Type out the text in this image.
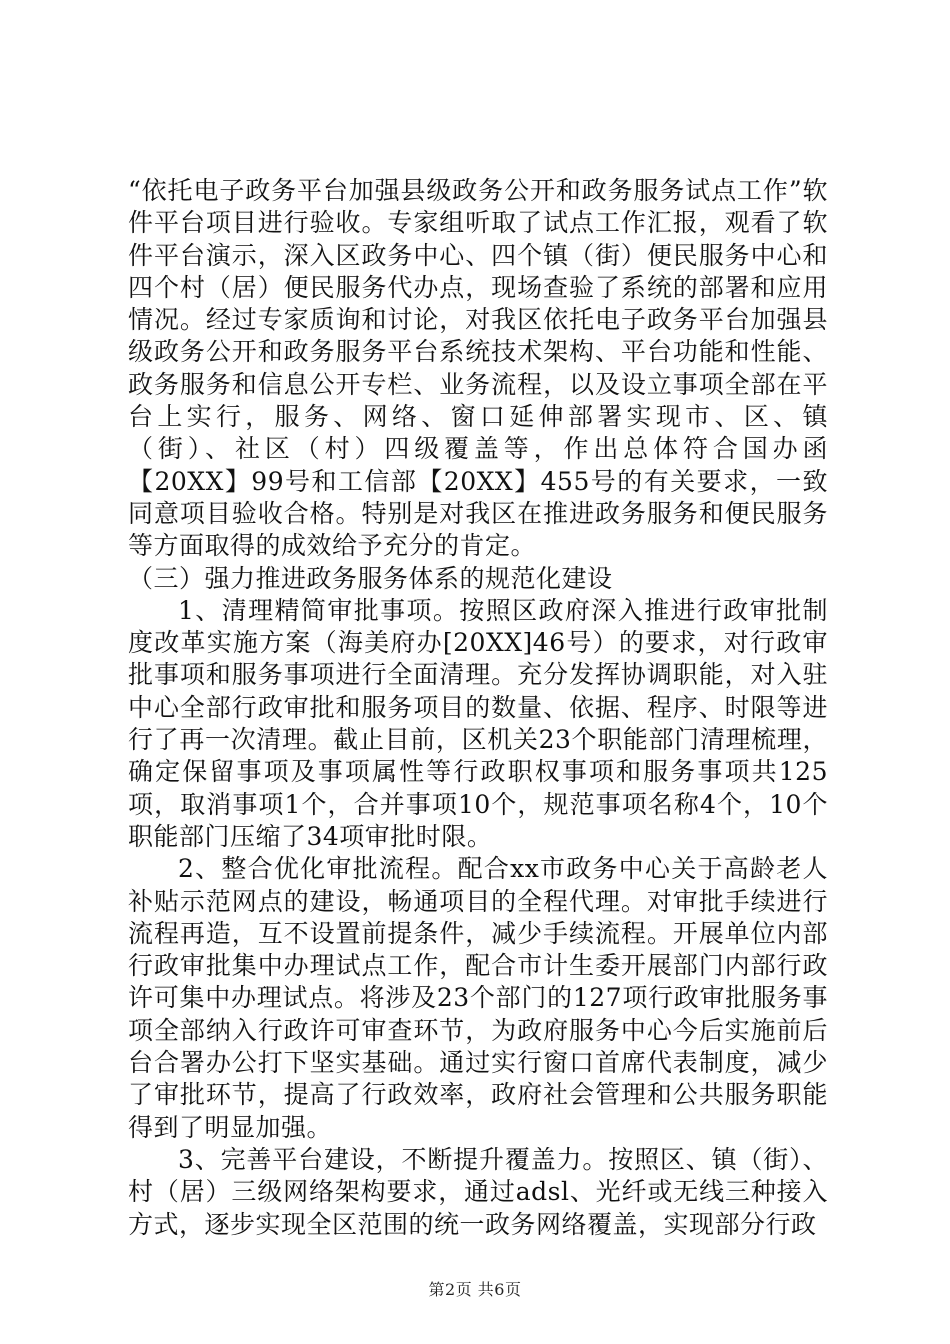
“依托电子政务平台加强县级政务公开和政务服务试点工作”软件平台项目进行验收。专家组听取了试点工作汇报，观看了软件平台演示，深入区政务中心、四个镇（街）便民服务中心和四个村（居）便民服务代办点，现场查验了系统的部署和应用情况。经过专家质询和讨论，对我区依托电子政务平台加强县级政务公开和政务服务平台系统技术架构、平台功能和性能、政务服务和信息公开专栏、业务流程，以及设立事项全部在平台上实行，服务、网络、窗口延伸部署实现市、区、镇（街）、社区（村）四级覆盖等，作出总体符合国办函【20XX】99号和工信部【20XX】455号的有关要求，一致同意项目验收合格。特别是对我区在推进政务服务和便民服务等方面取得的成效给予充分的肯定。

（三）强力推进政务服务体系的规范化建设

1、清理精简审批事项。按照区政府深入推进行政审批制度改革实施方案（海美府办[20XX]46号）的要求，对行政审批事项和服务事项进行全面清理。充分发挥协调职能，对入驻中心全部行政审批和服务项目的数量、依据、程序、时限等进行了再一次清理。截止目前，区机关23个职能部门清理梳理，确定保留事项及事项属性等行政职权事项和服务事项共125项，取消事项1个，合并事项10个，规范事项名称4个，10个职能部门压缩了34项审批时限。

2、整合优化审批流程。配合xx市政务中心关于高龄老人补贴示范网点的建设，畅通项目的全程代理。对审批手续进行流程再造，互不设置前提条件，减少手续流程。开展单位内部行政审批集中办理试点工作，配合市计生委开展部门内部行政许可集中办理试点。将涉及23个部门的127项行政审批服务事项全部纳入行政许可审查环节，为政府服务中心今后实施前后台合署办公打下坚实基础。通过实行窗口首席代表制度，减少了审批环节，提高了行政效率，政府社会管理和公共服务职能得到了明显加强。

3、完善平台建设，不断提升覆盖力。按照区、镇（街）、村（居）三级网络架构要求，通过adsl、光纤或无线三种接入方式，逐步实现全区范围的统一政务网络覆盖，实现部分行政

第2页 共6页
